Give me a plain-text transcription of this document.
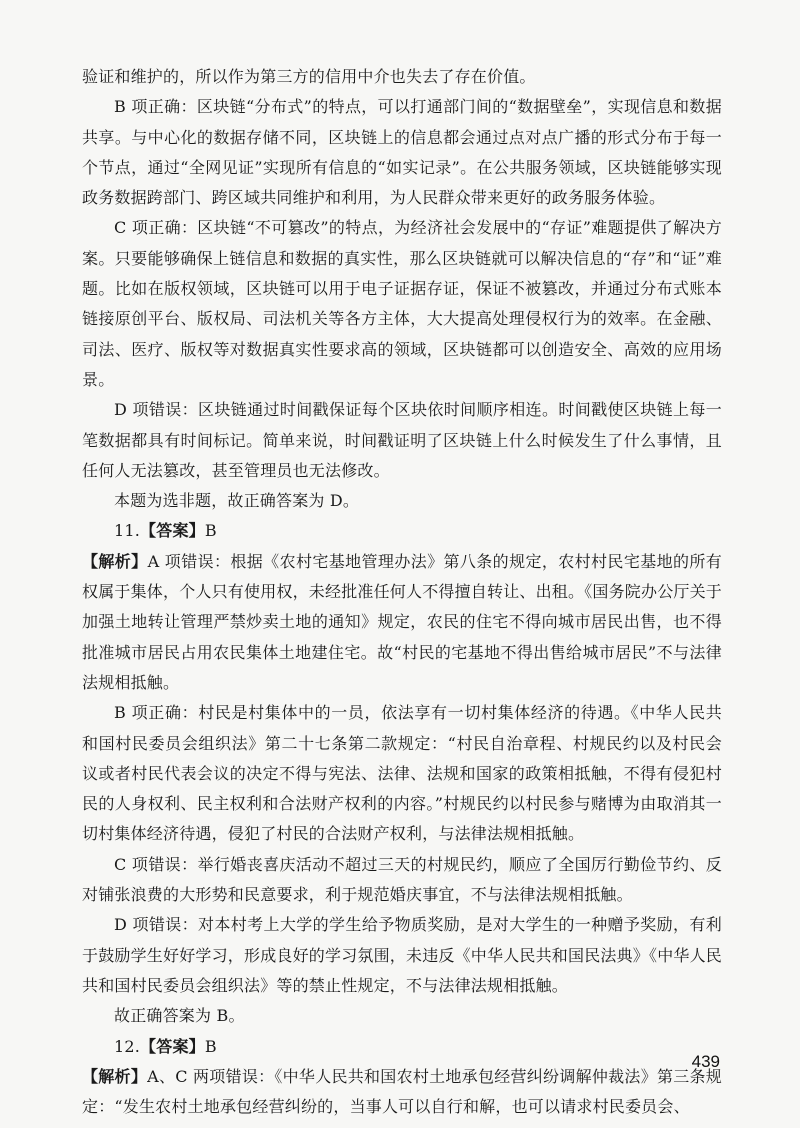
验证和维护的，所以作为第三方的信用中介也失去了存在价值。

B 项正确：区块链“分布式”的特点，可以打通部门间的“数据壁垒”，实现信息和数据共享。与中心化的数据存储不同，区块链上的信息都会通过点对点广播的形式分布于每一个节点，通过“全网见证”实现所有信息的“如实记录”。在公共服务领域，区块链能够实现政务数据跨部门、跨区域共同维护和利用，为人民群众带来更好的政务服务体验。

C 项正确：区块链“不可篡改”的特点，为经济社会发展中的“存证”难题提供了解决方案。只要能够确保上链信息和数据的真实性，那么区块链就可以解决信息的“存”和“证”难题。比如在版权领域，区块链可以用于电子证据存证，保证不被篡改，并通过分布式账本链接原创平台、版权局、司法机关等各方主体，大大提高处理侵权行为的效率。在金融、司法、医疗、版权等对数据真实性要求高的领域，区块链都可以创造安全、高效的应用场景。

D 项错误：区块链通过时间戳保证每个区块依时间顺序相连。时间戳使区块链上每一笔数据都具有时间标记。简单来说，时间戳证明了区块链上什么时候发生了什么事情，且任何人无法篡改，甚至管理员也无法修改。

本题为选非题，故正确答案为 D。

11.【答案】B

【解析】A 项错误：根据《农村宅基地管理办法》第八条的规定，农村村民宅基地的所有权属于集体，个人只有使用权，未经批准任何人不得擅自转让、出租。《国务院办公厅关于加强土地转让管理严禁炒卖土地的通知》规定，农民的住宅不得向城市居民出售，也不得批准城市居民占用农民集体土地建住宅。故“村民的宅基地不得出售给城市居民”不与法律法规相抵触。

B 项正确：村民是村集体中的一员，依法享有一切村集体经济的待遇。《中华人民共和国村民委员会组织法》第二十七条第二款规定：“村民自治章程、村规民约以及村民会议或者村民代表会议的决定不得与宪法、法律、法规和国家的政策相抵触，不得有侵犯村民的人身权利、民主权利和合法财产权利的内容。”村规民约以村民参与赌博为由取消其一切村集体经济待遇，侵犯了村民的合法财产权利，与法律法规相抵触。

C 项错误：举行婚丧喜庆活动不超过三天的村规民约，顺应了全国厉行勤俭节约、反对铺张浪费的大形势和民意要求，利于规范婚庆事宜，不与法律法规相抵触。

D 项错误：对本村考上大学的学生给予物质奖励，是对大学生的一种赠予奖励，有利于鼓励学生好好学习，形成良好的学习氛围，未违反《中华人民共和国民法典》《中华人民共和国村民委员会组织法》等的禁止性规定，不与法律法规相抵触。

故正确答案为 B。

12.【答案】B

【解析】A、C 两项错误：《中华人民共和国农村土地承包经营纠纷调解仲裁法》第三条规定：“发生农村土地承包经营纠纷的，当事人可以自行和解，也可以请求村民委员会、

439
